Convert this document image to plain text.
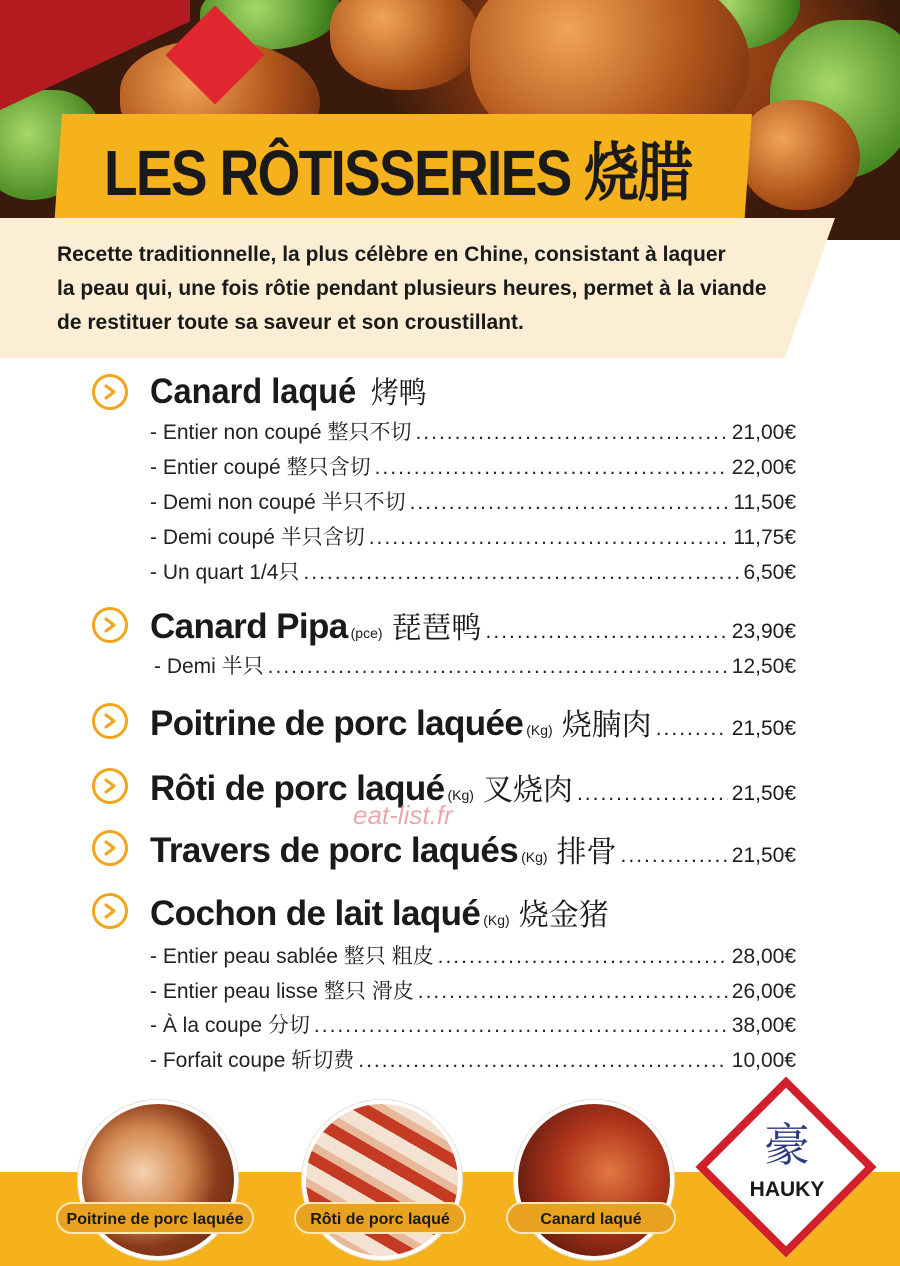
LES RÔTISSERIES 烧腊
Recette traditionnelle, la plus célèbre en Chine, consistant à laquer
la peau qui, une fois rôtie pendant plusieurs heures, permet à la viande
de restituer toute sa saveur et son croustillant.
Canard laqué 烤鸭
- Entier non coupé 整只不切 .....	21,00€
- Entier coupé 整只含切 .....	22,00€
- Demi non coupé 半只不切 .....	11,50€
- Demi coupé 半只含切 .....	11,75€
- Un quart 1/4只 .....	6,50€
Canard Pipa (pce) 琵琶鸭 .....	23,90€
- Demi 半只 .....	12,50€
Poitrine de porc laquée (Kg) 烧腩肉 .....	21,50€
Rôti de porc laqué (Kg) 叉烧肉 .....	21,50€
eat-list.fr
Travers de porc laqués (Kg) 排骨 .....	21,50€
Cochon de lait laqué (Kg) 烧金猪
- Entier peau sablée 整只 粗皮 .....	28,00€
- Entier peau lisse 整只 滑皮 .....	26,00€
- À la coupe 分切 .....	38,00€
- Forfait coupe 斩切费 .....	10,00€
Poitrine de porc laquée	Rôti de porc laqué	Canard laqué
豪
HAUKY
